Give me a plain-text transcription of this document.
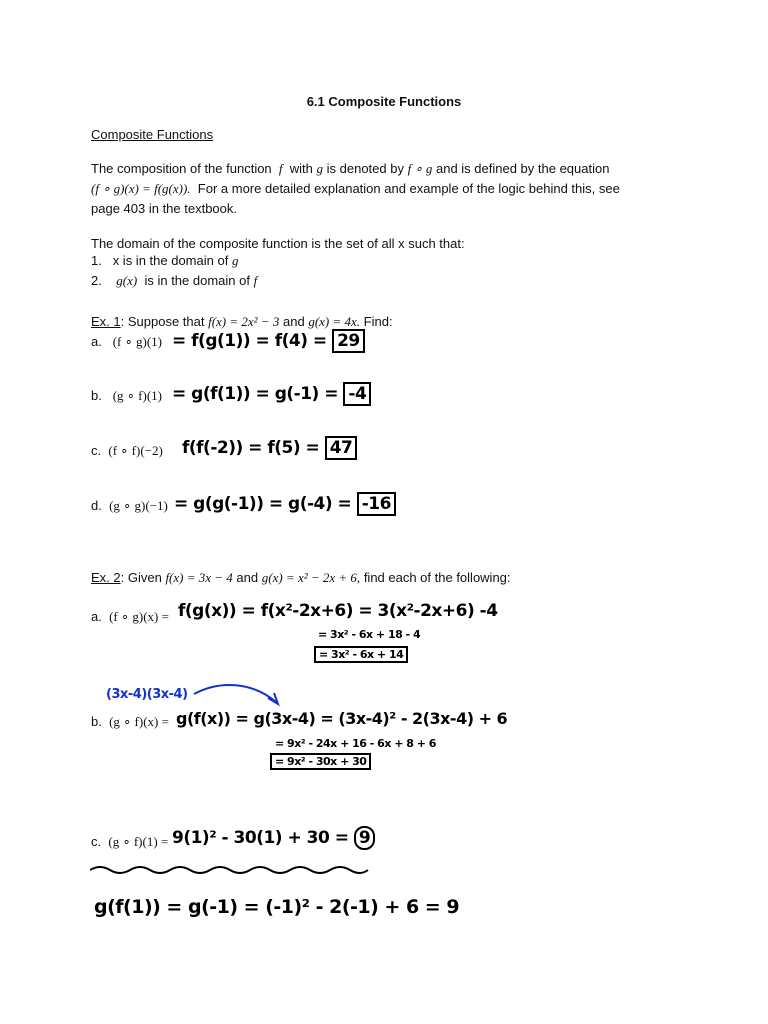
6.1 Composite Functions
Composite Functions
The composition of the function f with g is denoted by f ∘ g and is defined by the equation
(f ∘ g)(x) = f(g(x)). For a more detailed explanation and example of the logic behind this, see
page 403 in the textbook.
The domain of the composite function is the set of all x such that:
1. x is in the domain of g
2. g(x) is in the domain of f
Ex. 1: Suppose that f(x) = 2x² − 3 and g(x) = 4x. Find:
a. (f ∘ g)(1) = f(g(1)) = f(4) = 29
b. (g ∘ f)(1) = g(f(1)) = g(-1) = -4
c. (f ∘ f)(−2) f(f(-2)) = f(5) = 47
d. (g ∘ g)(−1) = g(g(-1)) = g(-4) = -16
Ex. 2: Given f(x) = 3x − 4 and g(x) = x² − 2x + 6, find each of the following:
a. (f ∘ g)(x) = f(g(x)) = f(x²-2x+6) = 3(x²-2x+6) -4
= 3x² - 6x + 18 - 4
= 3x² - 6x + 14
(3x-4)(3x-4)
b. (g ∘ f)(x) = g(f(x)) = g(3x-4) = (3x-4)² - 2(3x-4) + 6
= 9x² - 24x + 16 - 6x + 8 + 6
= 9x² - 30x + 30
c. (g ∘ f)(1) = 9(1)² - 30(1) + 30 = 9
g(f(1)) = g(-1) = (-1)² - 2(-1) + 6 = 9
